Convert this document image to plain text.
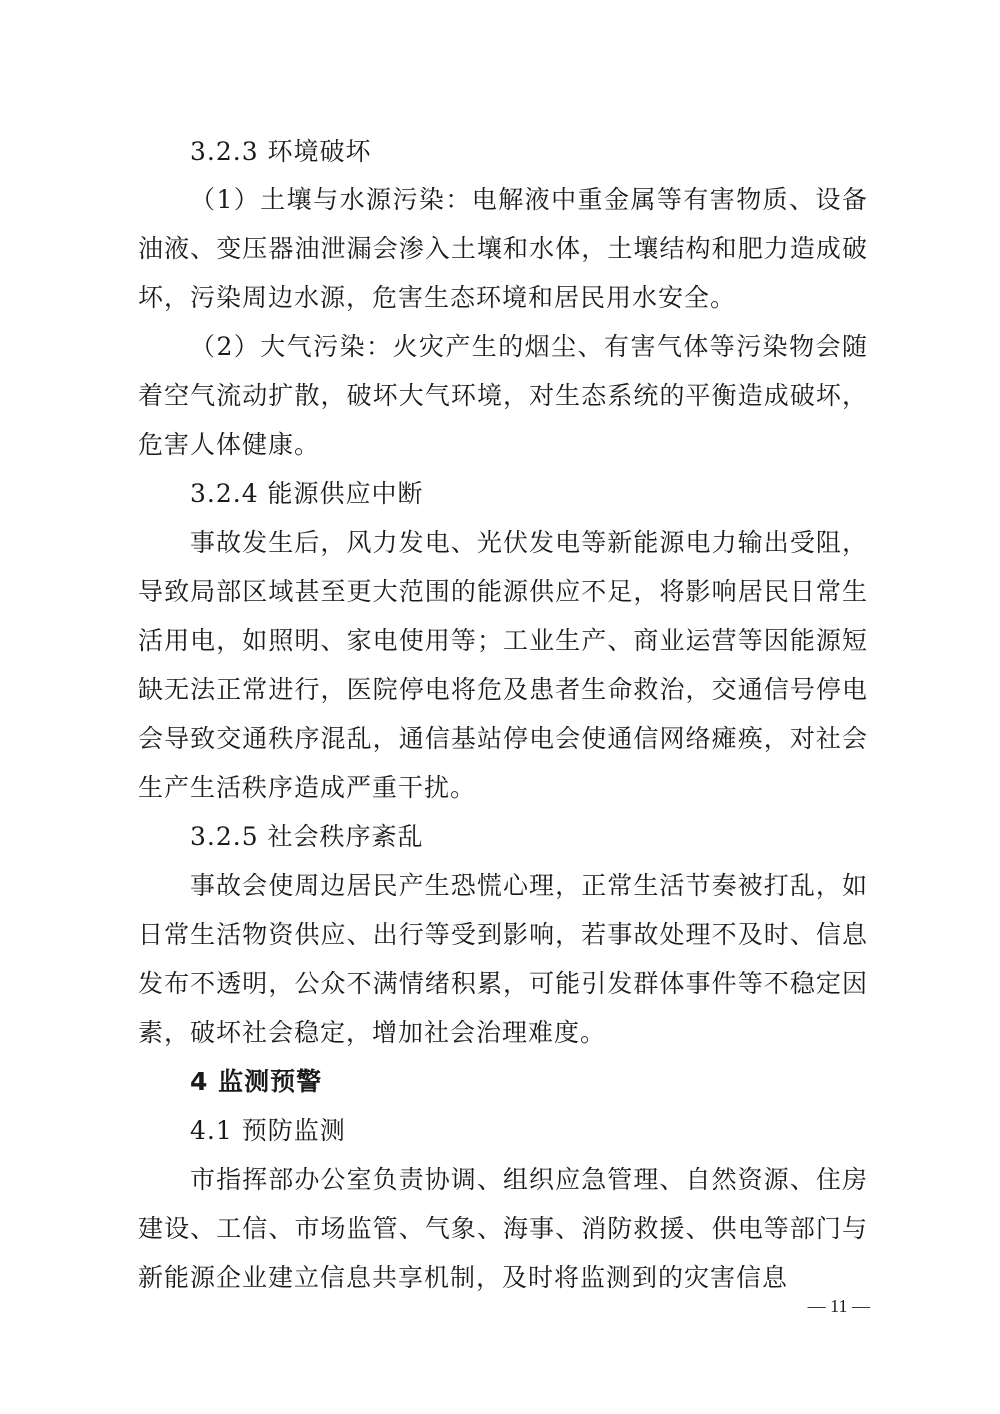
3.2.3 环境破坏

（1）土壤与水源污染：电解液中重金属等有害物质、设备油液、变压器油泄漏会渗入土壤和水体，土壤结构和肥力造成破坏，污染周边水源，危害生态环境和居民用水安全。

（2）大气污染：火灾产生的烟尘、有害气体等污染物会随着空气流动扩散，破坏大气环境，对生态系统的平衡造成破坏，危害人体健康。

3.2.4 能源供应中断

事故发生后，风力发电、光伏发电等新能源电力输出受阻，导致局部区域甚至更大范围的能源供应不足，将影响居民日常生活用电，如照明、家电使用等；工业生产、商业运营等因能源短缺无法正常进行，医院停电将危及患者生命救治，交通信号停电会导致交通秩序混乱，通信基站停电会使通信网络瘫痪，对社会生产生活秩序造成严重干扰。

3.2.5 社会秩序紊乱

事故会使周边居民产生恐慌心理，正常生活节奏被打乱，如日常生活物资供应、出行等受到影响，若事故处理不及时、信息发布不透明，公众不满情绪积累，可能引发群体事件等不稳定因素，破坏社会稳定，增加社会治理难度。

4 监测预警

4.1 预防监测

市指挥部办公室负责协调、组织应急管理、自然资源、住房建设、工信、市场监管、气象、海事、消防救援、供电等部门与新能源企业建立信息共享机制，及时将监测到的灾害信息

— 11 —
